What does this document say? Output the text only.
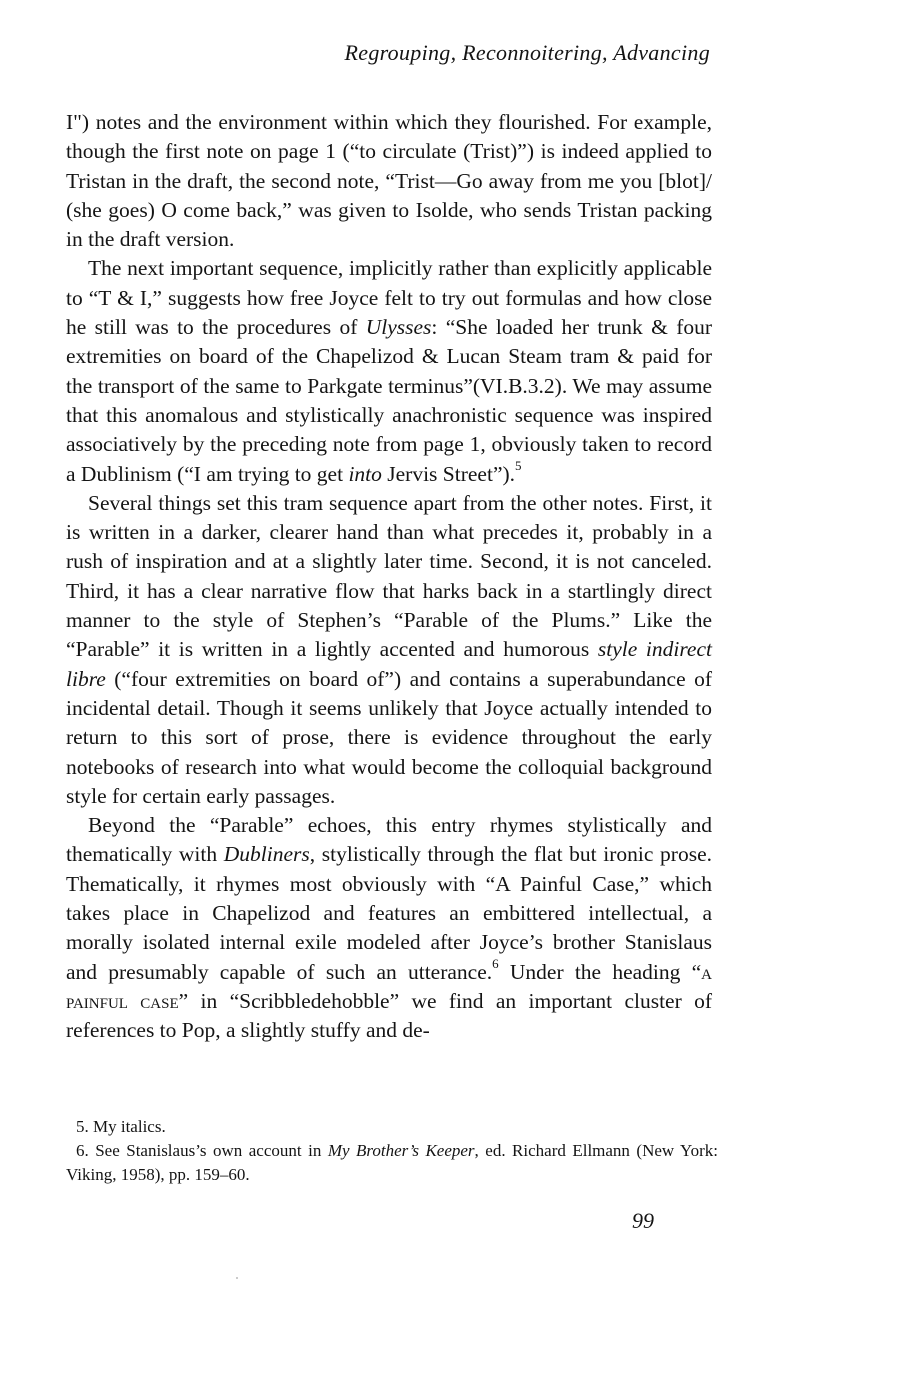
Regrouping, Reconnoitering, Advancing

I") notes and the environment within which they flourished. For example, though the first note on page 1 (“to circulate (Trist)”) is indeed applied to Tristan in the draft, the second note, “Trist—Go away from me you [blot]/ (she goes) O come back,” was given to Isolde, who sends Tristan packing in the draft version.

The next important sequence, implicitly rather than explicitly applicable to “T & I,” suggests how free Joyce felt to try out formulas and how close he still was to the procedures of Ulysses: “She loaded her trunk & four extremities on board of the Chapelizod & Lucan Steam tram & paid for the transport of the same to Parkgate terminus”(VI.B.3.2). We may assume that this anomalous and stylistically anachronistic sequence was inspired associatively by the preceding note from page 1, obviously taken to record a Dublinism (“I am trying to get into Jervis Street”).$^5$

Several things set this tram sequence apart from the other notes. First, it is written in a darker, clearer hand than what precedes it, probably in a rush of inspiration and at a slightly later time. Second, it is not canceled. Third, it has a clear narrative flow that harks back in a startlingly direct manner to the style of Stephen’s “Parable of the Plums.” Like the “Parable” it is written in a lightly accented and humorous style indirect libre (“four extremities on board of”) and contains a superabundance of incidental detail. Though it seems unlikely that Joyce actually intended to return to this sort of prose, there is evidence throughout the early notebooks of research into what would become the colloquial background style for certain early passages.

Beyond the “Parable” echoes, this entry rhymes stylistically and thematically with Dubliners, stylistically through the flat but ironic prose. Thematically, it rhymes most obviously with “A Painful Case,” which takes place in Chapelizod and features an embittered intellectual, a morally isolated internal exile modeled after Joyce’s brother Stanislaus and presumably capable of such an utterance.$^6$ Under the heading “a painful case” in “Scribbledehobble” we find an important cluster of references to Pop, a slightly stuffy and de-

5. My italics.

6. See Stanislaus’s own account in My Brother’s Keeper, ed. Richard Ellmann (New York: Viking, 1958), pp. 159–60.

99
